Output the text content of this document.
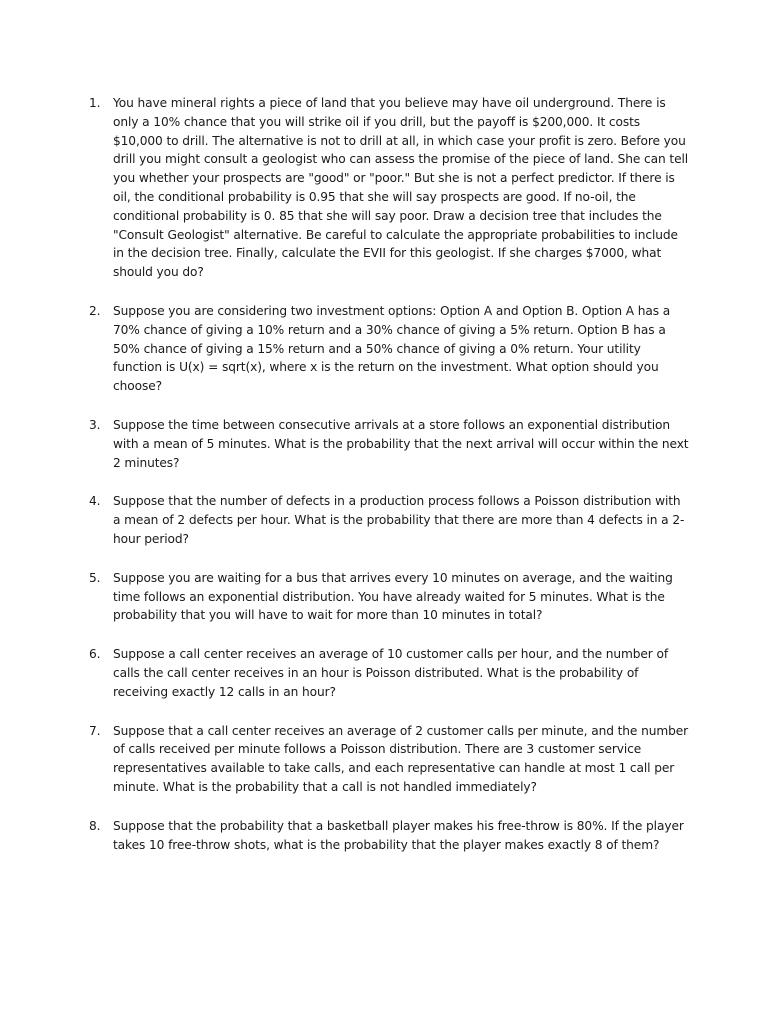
1. You have mineral rights a piece of land that you believe may have oil underground. There is only a 10% chance that you will strike oil if you drill, but the payoff is $200,000. It costs $10,000 to drill. The alternative is not to drill at all, in which case your profit is zero. Before you drill you might consult a geologist who can assess the promise of the piece of land. She can tell you whether your prospects are "good" or "poor." But she is not a perfect predictor. If there is oil, the conditional probability is 0.95 that she will say prospects are good. If no-oil, the conditional probability is 0. 85 that she will say poor. Draw a decision tree that includes the "Consult Geologist" alternative. Be careful to calculate the appropriate probabilities to include in the decision tree. Finally, calculate the EVII for this geologist. If she charges $7000, what should you do?
2. Suppose you are considering two investment options: Option A and Option B. Option A has a 70% chance of giving a 10% return and a 30% chance of giving a 5% return. Option B has a 50% chance of giving a 15% return and a 50% chance of giving a 0% return. Your utility function is U(x) = sqrt(x), where x is the return on the investment. What option should you choose?
3. Suppose the time between consecutive arrivals at a store follows an exponential distribution with a mean of 5 minutes. What is the probability that the next arrival will occur within the next 2 minutes?
4. Suppose that the number of defects in a production process follows a Poisson distribution with a mean of 2 defects per hour. What is the probability that there are more than 4 defects in a 2-hour period?
5. Suppose you are waiting for a bus that arrives every 10 minutes on average, and the waiting time follows an exponential distribution. You have already waited for 5 minutes. What is the probability that you will have to wait for more than 10 minutes in total?
6. Suppose a call center receives an average of 10 customer calls per hour, and the number of calls the call center receives in an hour is Poisson distributed. What is the probability of receiving exactly 12 calls in an hour?
7. Suppose that a call center receives an average of 2 customer calls per minute, and the number of calls received per minute follows a Poisson distribution. There are 3 customer service representatives available to take calls, and each representative can handle at most 1 call per minute. What is the probability that a call is not handled immediately?
8. Suppose that the probability that a basketball player makes his free-throw is 80%. If the player takes 10 free-throw shots, what is the probability that the player makes exactly 8 of them?
